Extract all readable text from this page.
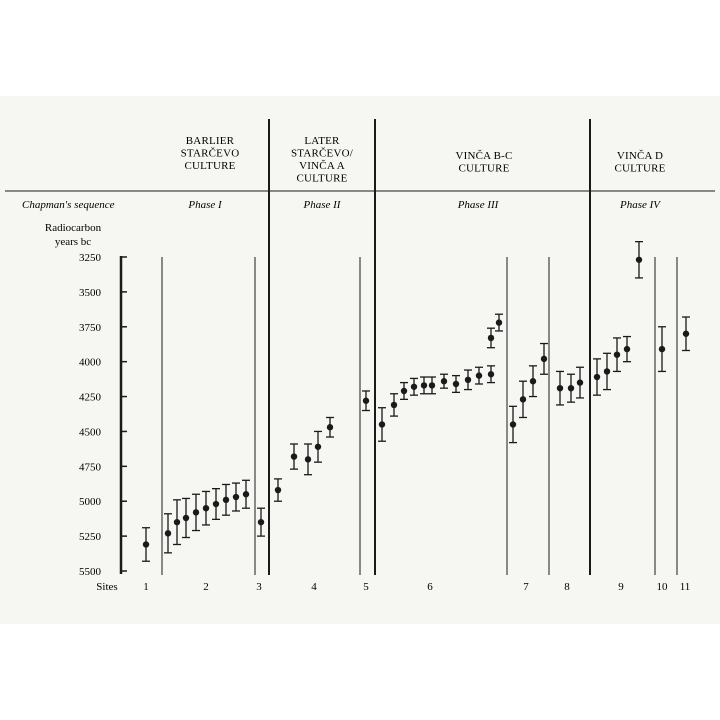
BARLIER
STARČEVO
CULTURE
LATER
STARČEVO/
VINČA A
CULTURE
VINČA B-C
CULTURE
VINČA D
CULTURE
Chapman's sequence	Phase I	Phase II	Phase III	Phase IV
Radiocarbon
years bc
3250
3500
3750
4000
4250
4500
4750
5000
5250
5500
1	2	3	4	5	6	7	8	9	10 11
Sites
